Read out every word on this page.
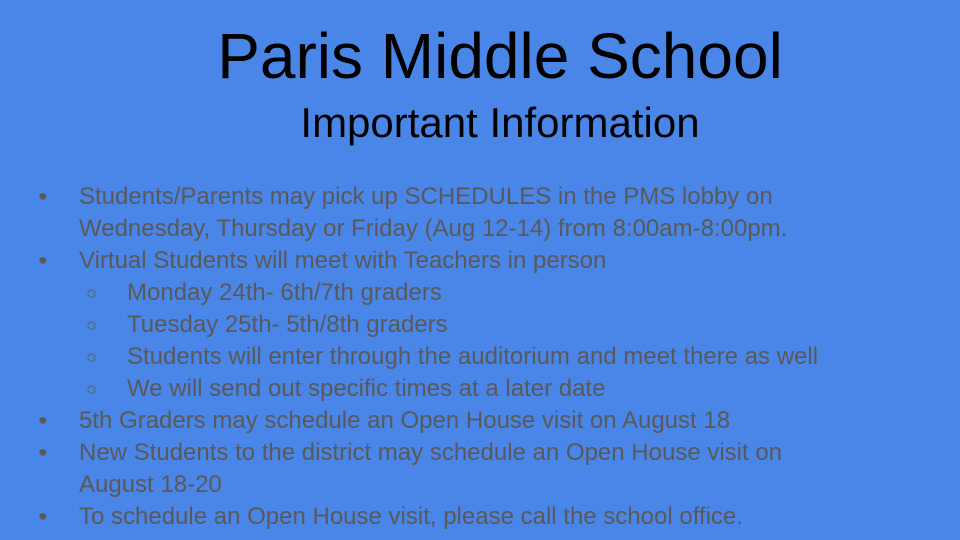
Paris Middle School
Important Information
● Students/Parents may pick up SCHEDULES in the PMS lobby on
Wednesday, Thursday or Friday (Aug 12-14) from 8:00am-8:00pm.
● Virtual Students will meet with Teachers in person
○ Monday 24th- 6th/7th graders
○ Tuesday 25th- 5th/8th graders
○ Students will enter through the auditorium and meet there as well
○ We will send out specific times at a later date
● 5th Graders may schedule an Open House visit on August 18
● New Students to the district may schedule an Open House visit on
August 18-20
● To schedule an Open House visit, please call the school office.
